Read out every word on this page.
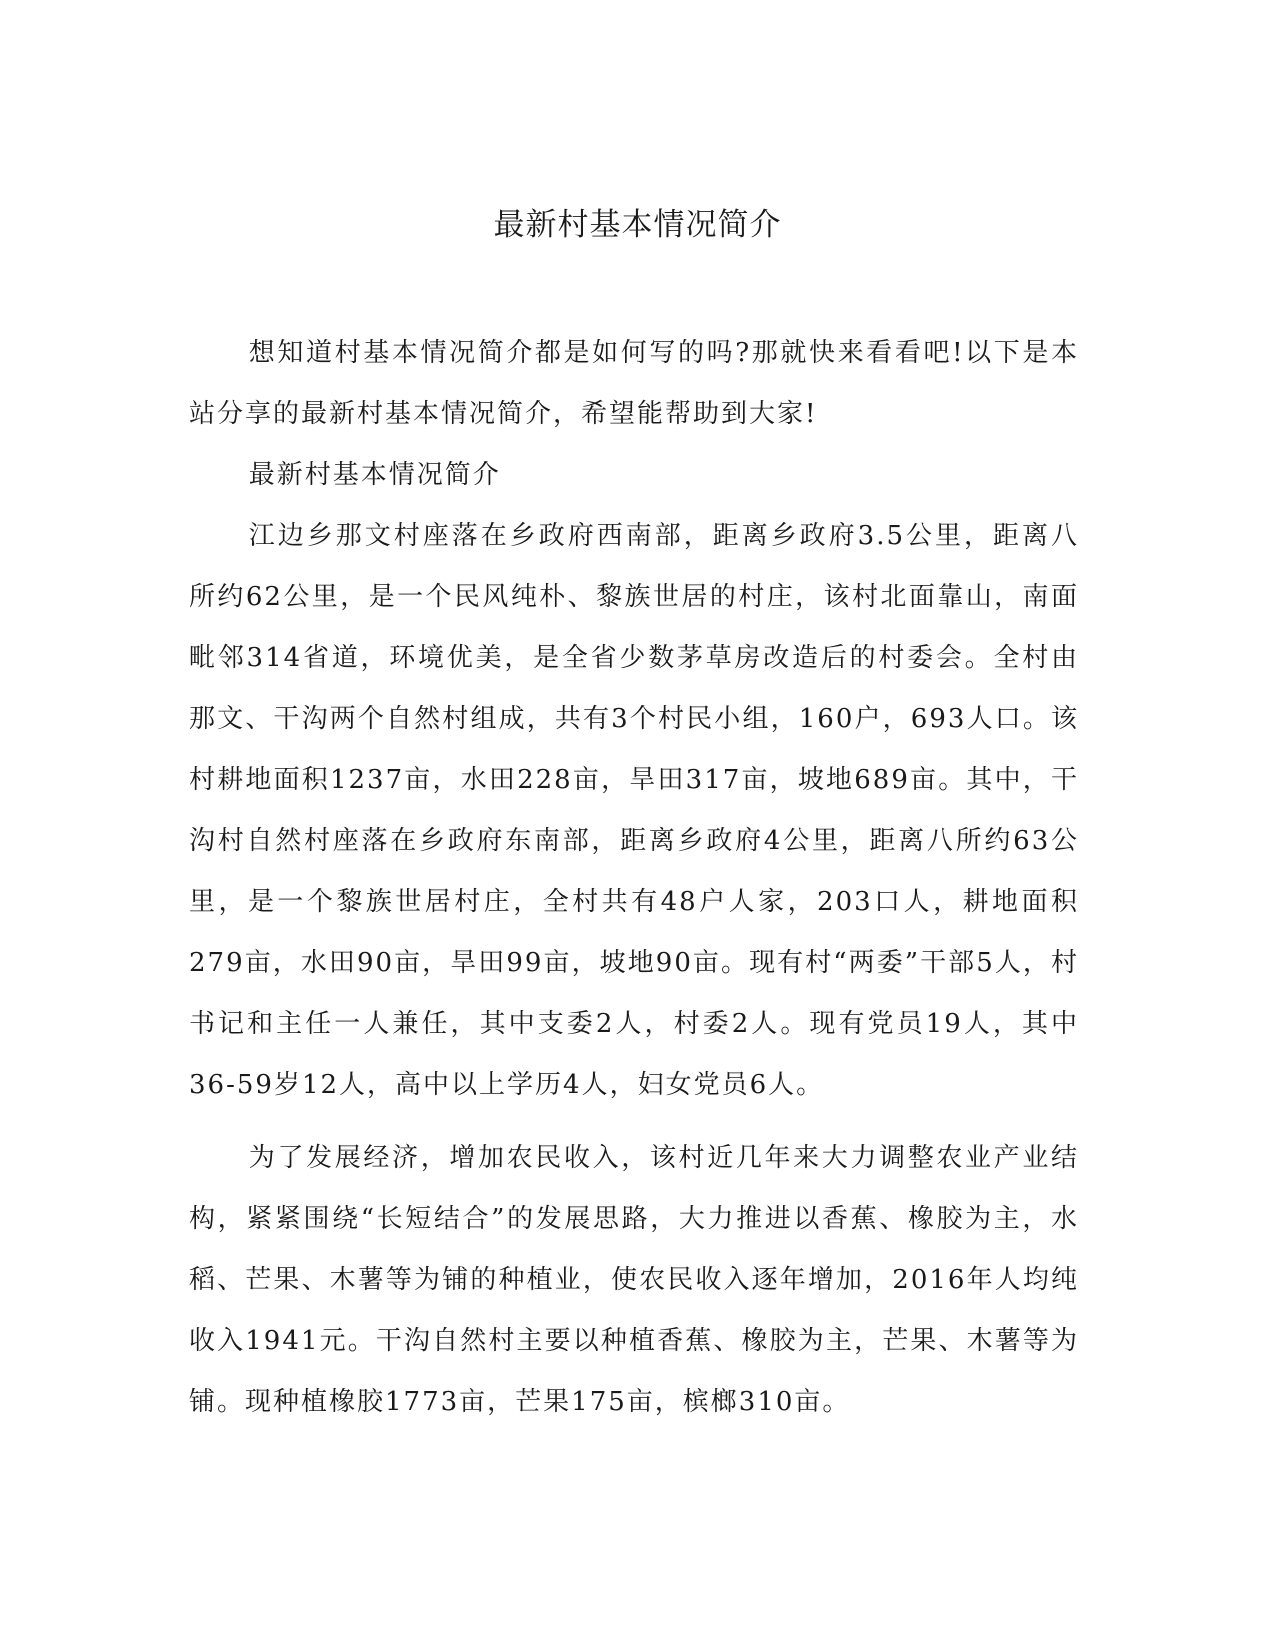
最新村基本情况简介

想知道村基本情况简介都是如何写的吗?那就快来看看吧!以下是本站分享的最新村基本情况简介，希望能帮助到大家!

最新村基本情况简介

江边乡那文村座落在乡政府西南部，距离乡政府3.5公里，距离八所约62公里，是一个民风纯朴、黎族世居的村庄，该村北面靠山，南面毗邻314省道，环境优美，是全省少数茅草房改造后的村委会。全村由那文、干沟两个自然村组成，共有3个村民小组，160户，693人口。该村耕地面积1237亩，水田228亩，旱田317亩，坡地689亩。其中，干沟村自然村座落在乡政府东南部，距离乡政府4公里，距离八所约63公里，是一个黎族世居村庄，全村共有48户人家，203口人，耕地面积279亩，水田90亩，旱田99亩，坡地90亩。现有村“两委”干部5人，村书记和主任一人兼任，其中支委2人，村委2人。现有党员19人，其中36-59岁12人，高中以上学历4人，妇女党员6人。

为了发展经济，增加农民收入，该村近几年来大力调整农业产业结构，紧紧围绕“长短结合”的发展思路，大力推进以香蕉、橡胶为主，水稻、芒果、木薯等为铺的种植业，使农民收入逐年增加，2016年人均纯收入1941元。干沟自然村主要以种植香蕉、橡胶为主，芒果、木薯等为铺。现种植橡胶1773亩，芒果175亩，槟榔310亩。
